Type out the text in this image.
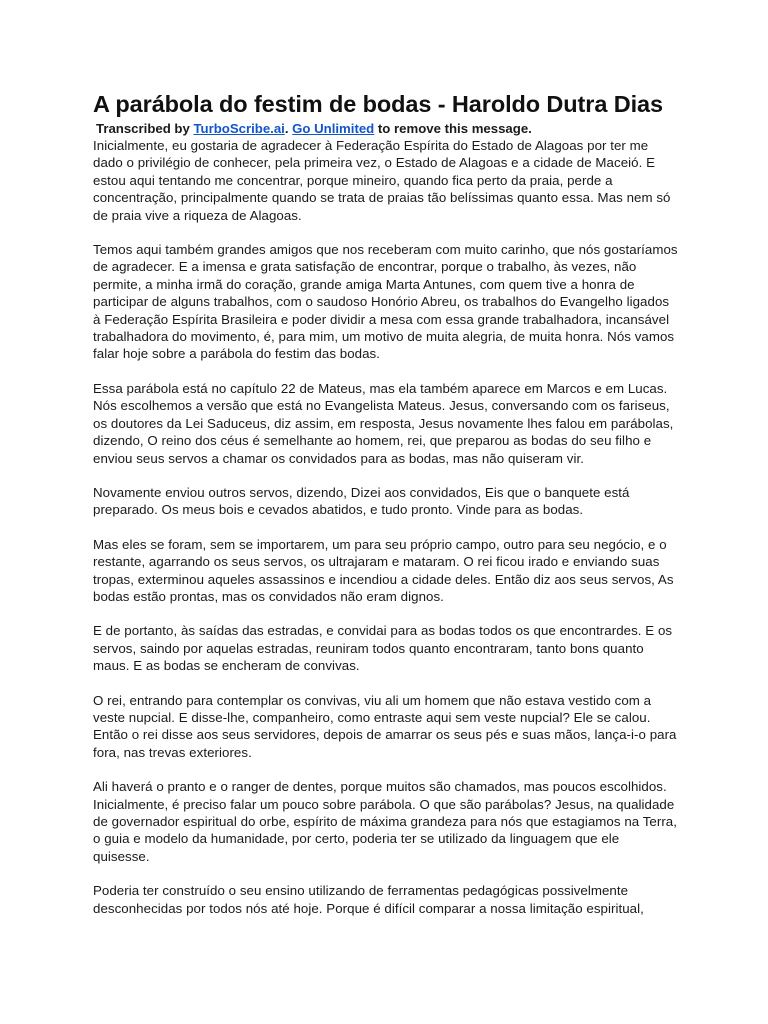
A parábola do festim de bodas - Haroldo Dutra Dias
Transcribed by TurboScribe.ai. Go Unlimited to remove this message.

Inicialmente, eu gostaria de agradecer à Federação Espírita do Estado de Alagoas por ter me dado o privilégio de conhecer, pela primeira vez, o Estado de Alagoas e a cidade de Maceió. E estou aqui tentando me concentrar, porque mineiro, quando fica perto da praia, perde a concentração, principalmente quando se trata de praias tão belíssimas quanto essa. Mas nem só de praia vive a riqueza de Alagoas.

Temos aqui também grandes amigos que nos receberam com muito carinho, que nós gostaríamos de agradecer. E a imensa e grata satisfação de encontrar, porque o trabalho, às vezes, não permite, a minha irmã do coração, grande amiga Marta Antunes, com quem tive a honra de participar de alguns trabalhos, com o saudoso Honório Abreu, os trabalhos do Evangelho ligados à Federação Espírita Brasileira e poder dividir a mesa com essa grande trabalhadora, incansável trabalhadora do movimento, é, para mim, um motivo de muita alegria, de muita honra. Nós vamos falar hoje sobre a parábola do festim das bodas.

Essa parábola está no capítulo 22 de Mateus, mas ela também aparece em Marcos e em Lucas. Nós escolhemos a versão que está no Evangelista Mateus. Jesus, conversando com os fariseus, os doutores da Lei Saduceus, diz assim, em resposta, Jesus novamente lhes falou em parábolas, dizendo, O reino dos céus é semelhante ao homem, rei, que preparou as bodas do seu filho e enviou seus servos a chamar os convidados para as bodas, mas não quiseram vir.

Novamente enviou outros servos, dizendo, Dizei aos convidados, Eis que o banquete está preparado. Os meus bois e cevados abatidos, e tudo pronto. Vinde para as bodas.

Mas eles se foram, sem se importarem, um para seu próprio campo, outro para seu negócio, e o restante, agarrando os seus servos, os ultrajaram e mataram. O rei ficou irado e enviando suas tropas, exterminou aqueles assassinos e incendiou a cidade deles. Então diz aos seus servos, As bodas estão prontas, mas os convidados não eram dignos.

E de portanto, às saídas das estradas, e convidai para as bodas todos os que encontrardes. E os servos, saindo por aquelas estradas, reuniram todos quanto encontraram, tanto bons quanto maus. E as bodas se encheram de convivas.

O rei, entrando para contemplar os convivas, viu ali um homem que não estava vestido com a veste nupcial. E disse-lhe, companheiro, como entraste aqui sem veste nupcial? Ele se calou. Então o rei disse aos seus servidores, depois de amarrar os seus pés e suas mãos, lança-i-o para fora, nas trevas exteriores.

Ali haverá o pranto e o ranger de dentes, porque muitos são chamados, mas poucos escolhidos. Inicialmente, é preciso falar um pouco sobre parábola. O que são parábolas? Jesus, na qualidade de governador espiritual do orbe, espírito de máxima grandeza para nós que estagiamos na Terra, o guia e modelo da humanidade, por certo, poderia ter se utilizado da linguagem que ele quisesse.

Poderia ter construído o seu ensino utilizando de ferramentas pedagógicas possivelmente desconhecidas por todos nós até hoje. Porque é difícil comparar a nossa limitação espiritual,
